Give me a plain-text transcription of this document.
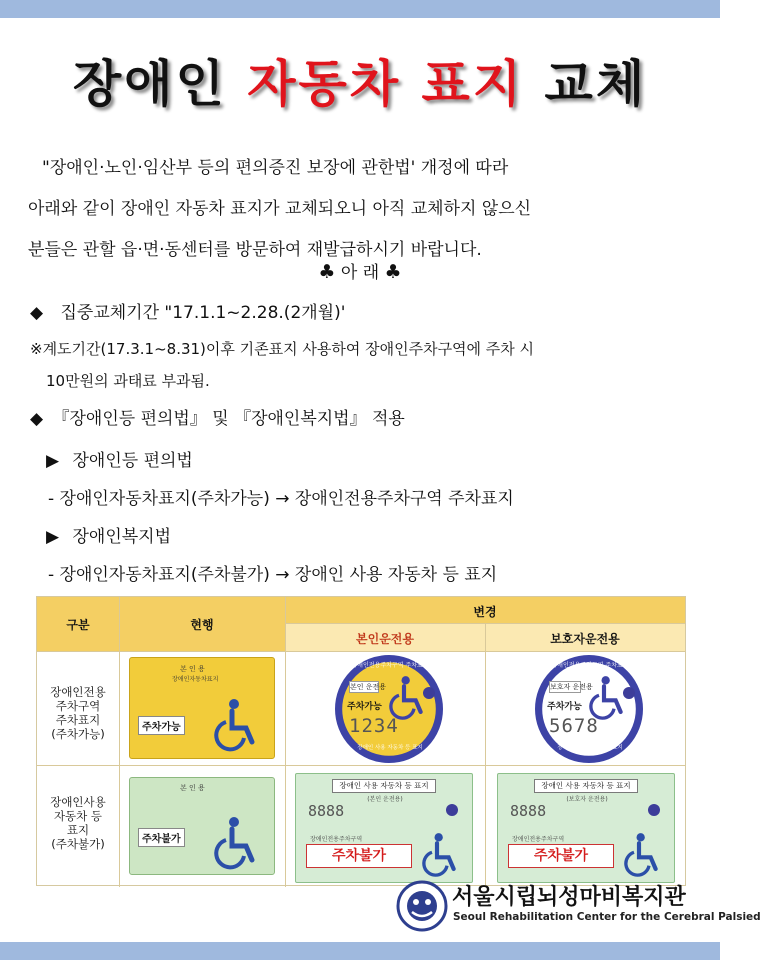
장애인 자동차 표지 교체
"장애인·노인·임산부 등의 편의증진 보장에 관한법' 개정에 따라
아래와 같이 장애인 자동차 표지가 교체되오니 아직 교체하지 않으신
분들은 관할 읍·면·동센터를 방문하여 재발급하시기 바랍니다.
♣ 아 래 ♣
◆ 집중교체기간 "17.1.1~2.28.(2개월)'
※계도기간(17.3.1~8.31)이후 기존표지 사용하여 장애인주차구역에 주차 시
10만원의 과태료 부과됨.
◆ 『장애인등 편의법』 및 『장애인복지법』 적용
▶ 장애인등 편의법
- 장애인자동차표지(주차가능) → 장애인전용주차구역 주차표지
▶ 장애인복지법
- 장애인자동차표지(주차불가) → 장애인 사용 자동차 등 표지
구분	현행
변경
본인운전용	보호자운전용
장애인전용
주차구역
주차표지
(주차가능)
장애인사용
자동차 등
표지
(주차불가)
본 인 용
장애인자동차표지
주차가능
장애인전용주차구역 주차표지
본인 운전용
주차가능
1234
장애인 사용 자동차 등 표지
장애인전용주차구역 주차표지
보호자 운전용
주차가능
5678
장애인 사용 자동차 등 표지
본 인 용
주차불가
장애인 사용 자동차 등 표지
(본인 운전용)
8888
장애인전용주차구역
주차불가
장애인 사용 자동차 등 표지
(보호자 운전용)
8888
장애인전용주차구역
주차불가
서울시립뇌성마비복지관
Seoul Rehabilitation Center for the Cerebral Palsied
